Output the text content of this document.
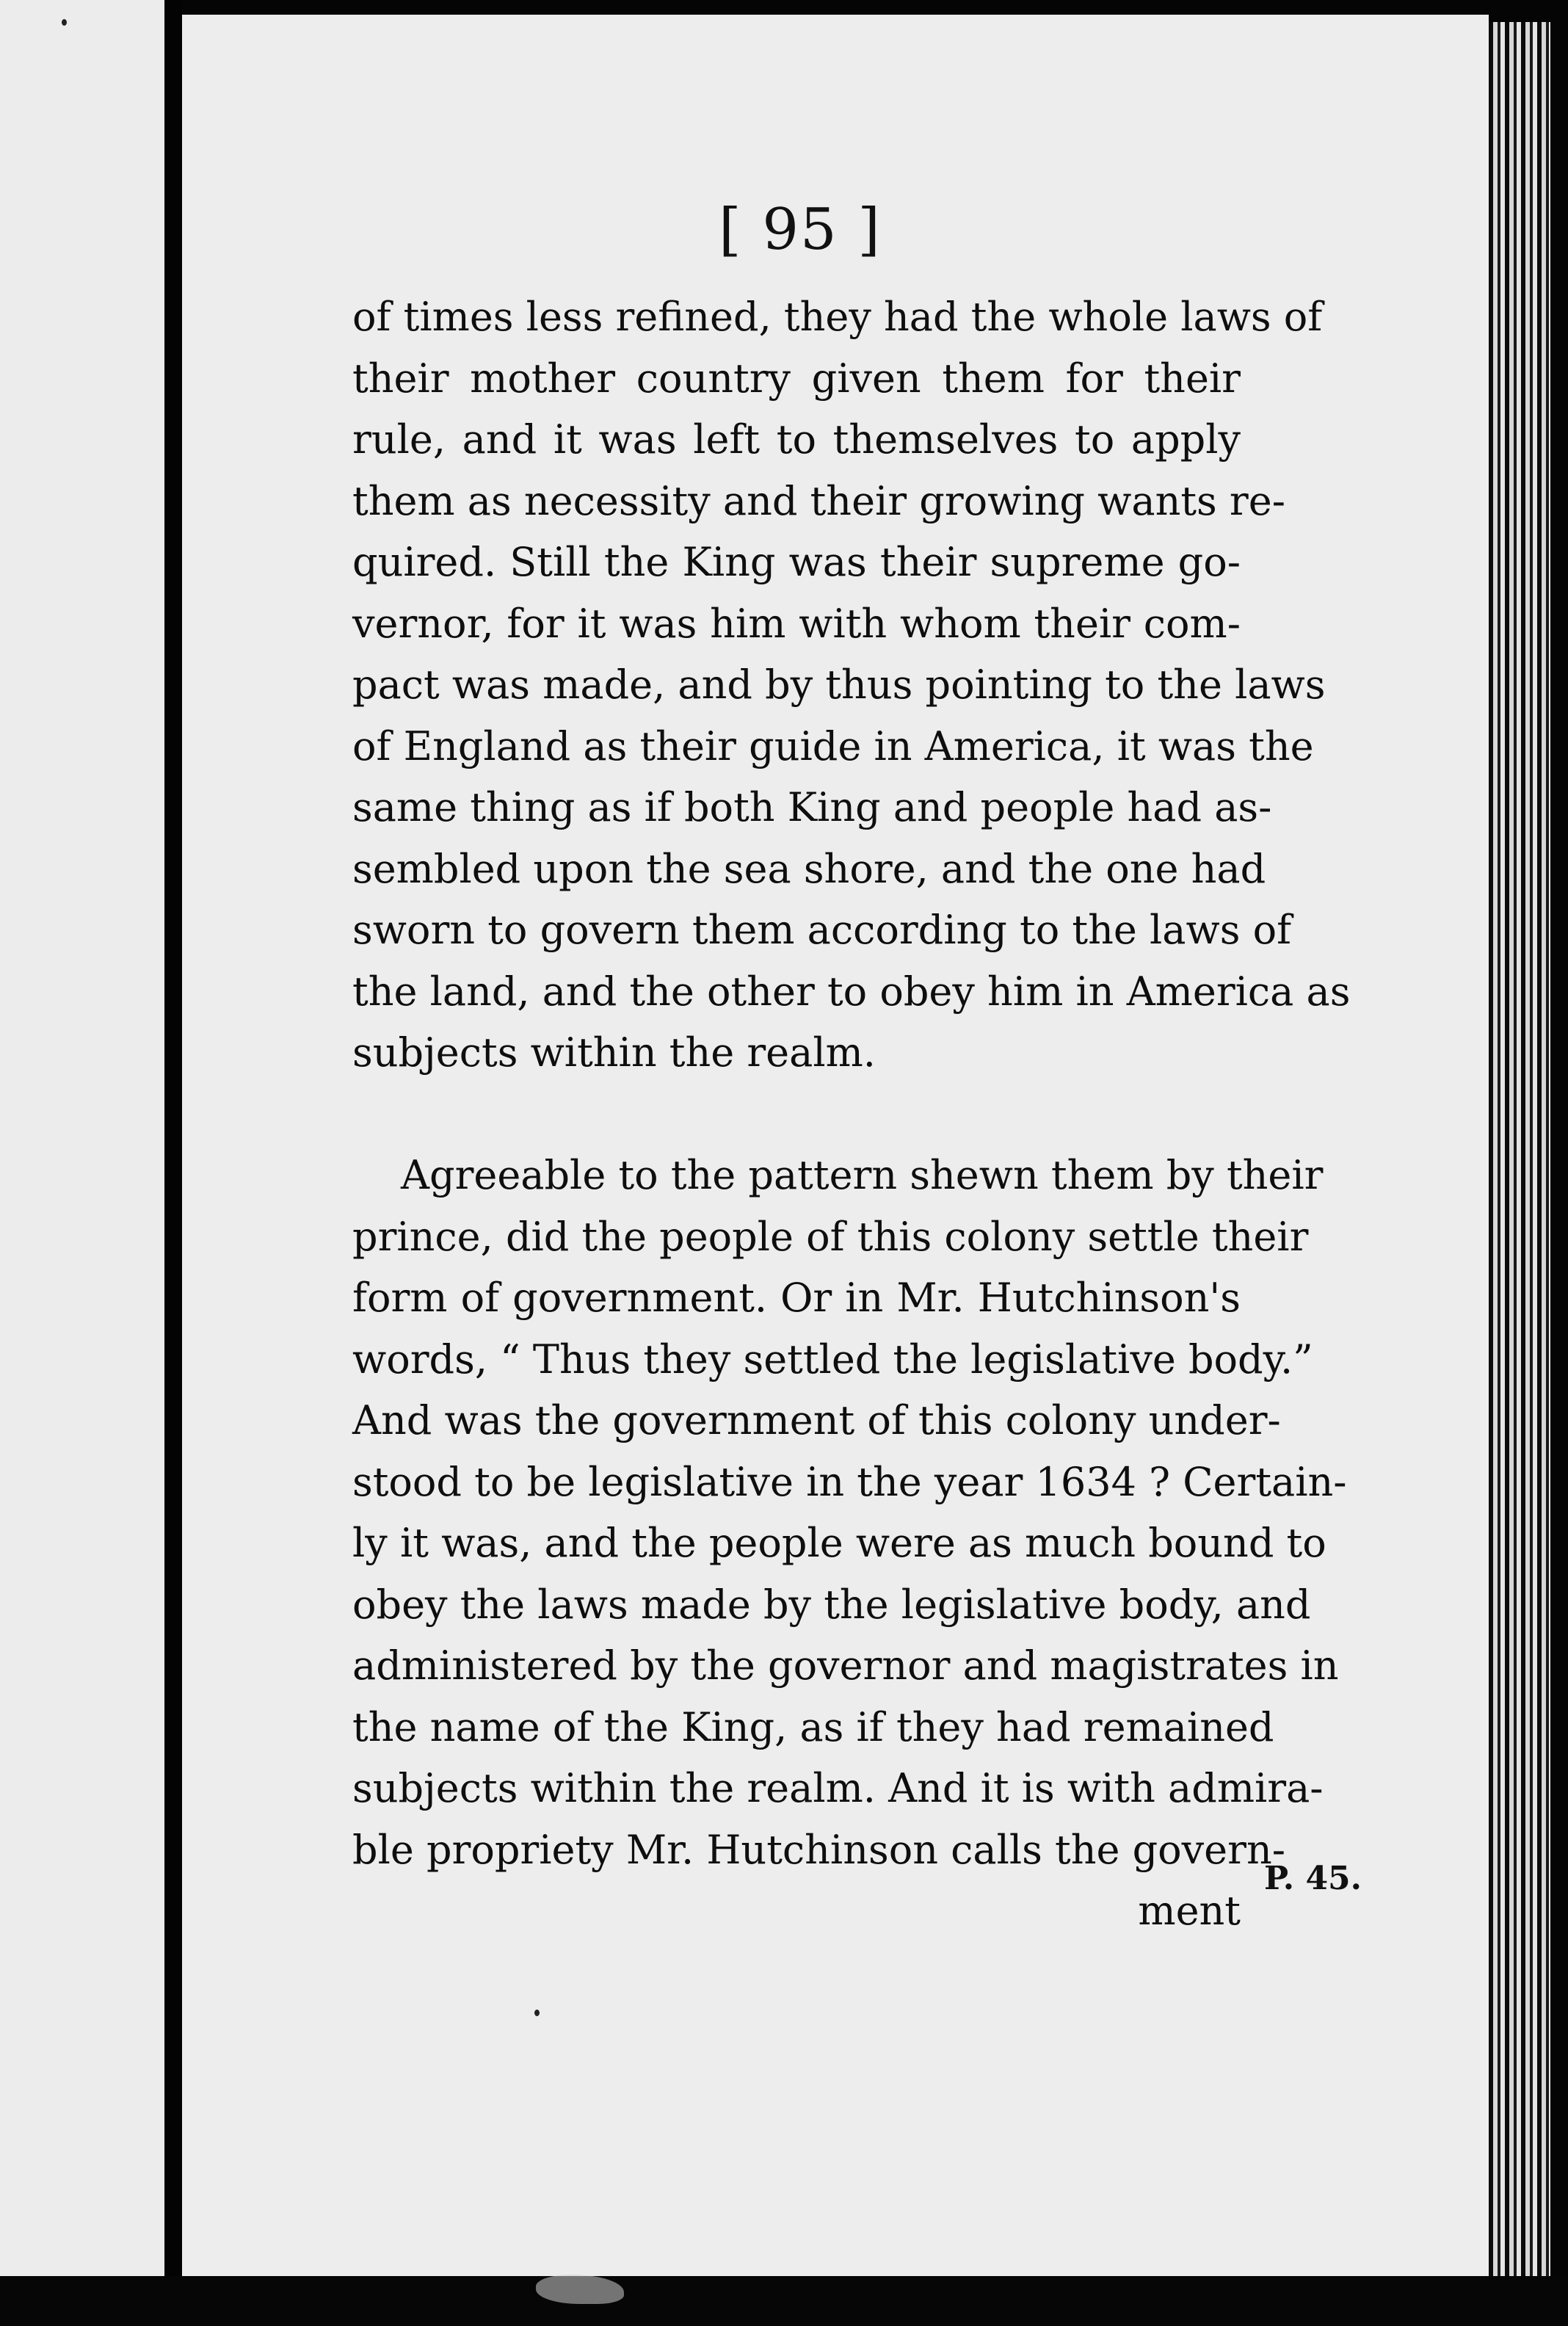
[ 95 ]
of times less refined, they had the whole laws of
their mother country given them for their
rule, and it was left to themselves to apply
them as necessity and their growing wants re-
quired. Still the King was their supreme go-
vernor, for it was him with whom their com-
pact was made, and by thus pointing to the laws
of England as their guide in America, it was the
same thing as if both King and people had as-
sembled upon the sea shore, and the one had
sworn to govern them according to the laws of
the land, and the other to obey him in America as
subjects within the realm.
Agreeable to the pattern shewn them by their
prince, did the people of this colony settle their
form of government. Or in Mr. Hutchinson's
words, “ Thus they settled the legislative body.”
And was the government of this colony under-
stood to be legislative in the year 1634 ? Certain-
ly it was, and the people were as much bound to
obey the laws made by the legislative body, and
administered by the governor and magistrates in
the name of the King, as if they had remained
subjects within the realm. And it is with admira-
ble propriety Mr. Hutchinson calls the govern-
ment
P. 45.
